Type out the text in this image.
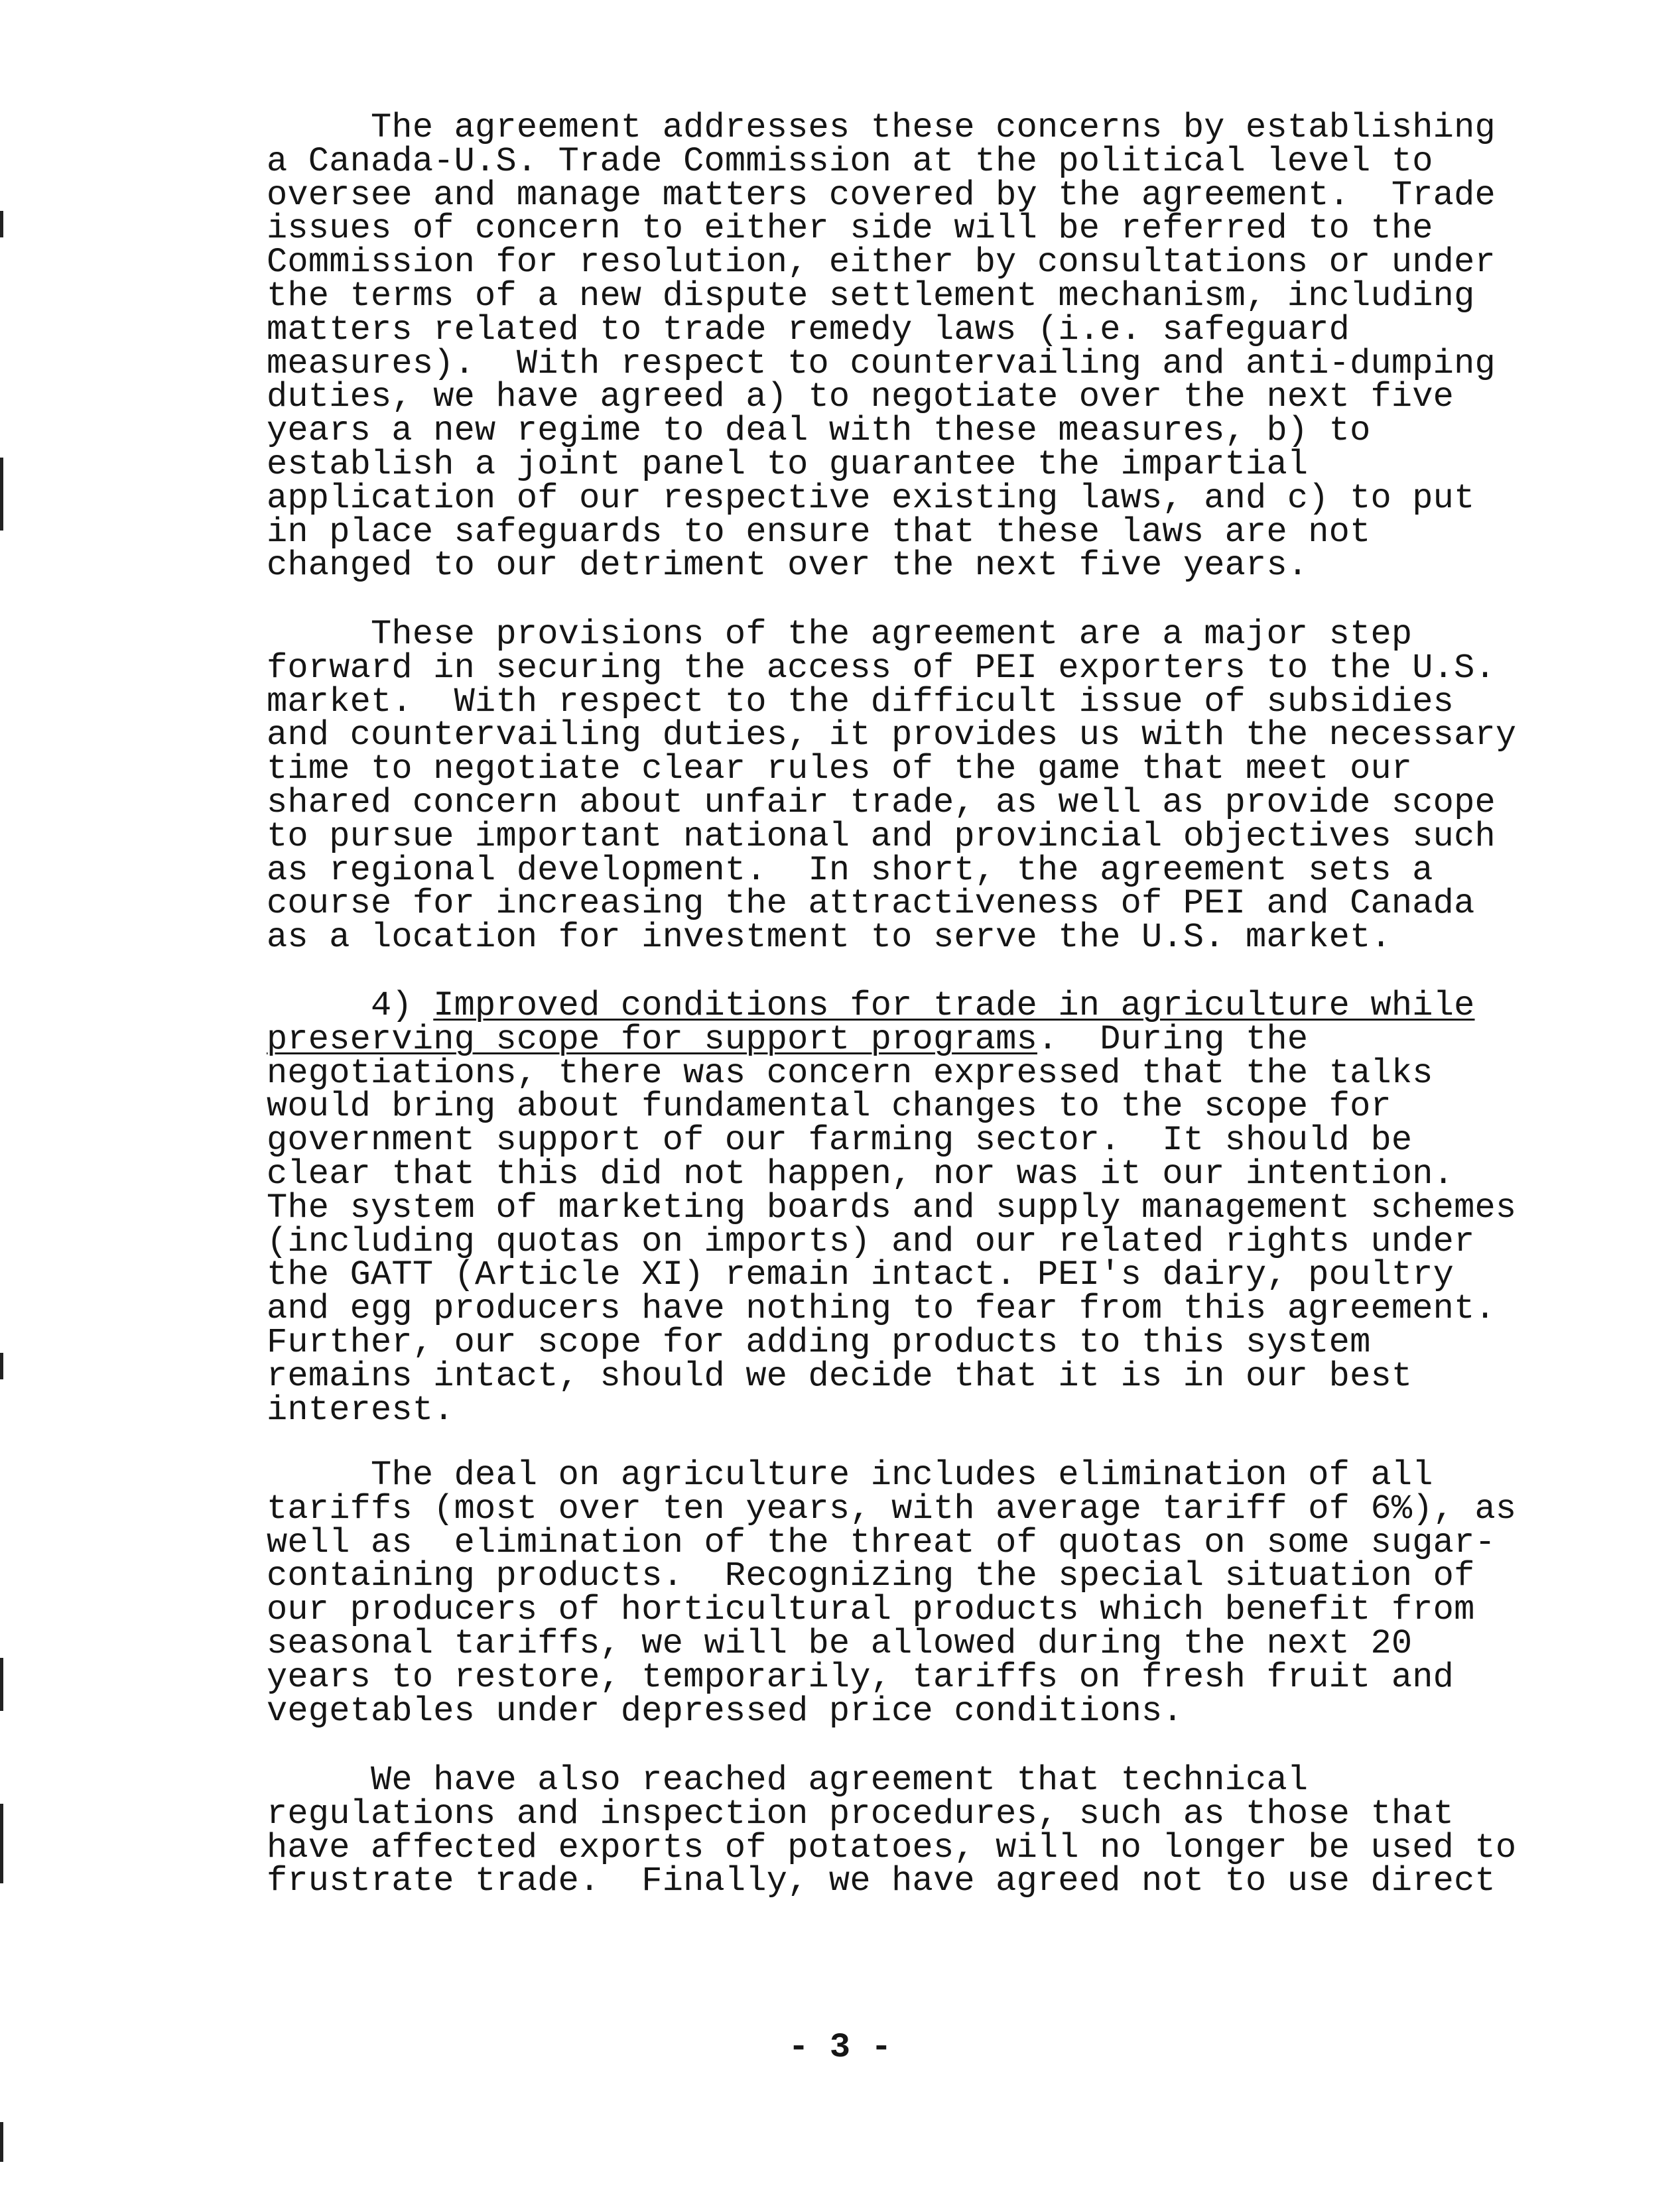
The agreement addresses these concerns by establishing
a Canada-U.S. Trade Commission at the political level to
oversee and manage matters covered by the agreement.  Trade
issues of concern to either side will be referred to the
Commission for resolution, either by consultations or under
the terms of a new dispute settlement mechanism, including
matters related to trade remedy laws (i.e. safeguard
measures).  With respect to countervailing and anti-dumping
duties, we have agreed a) to negotiate over the next five
years a new regime to deal with these measures, b) to
establish a joint panel to guarantee the impartial
application of our respective existing laws, and c) to put
in place safeguards to ensure that these laws are not
changed to our detriment over the next five years.
These provisions of the agreement are a major step
forward in securing the access of PEI exporters to the U.S.
market.  With respect to the difficult issue of subsidies
and countervailing duties, it provides us with the necessary
time to negotiate clear rules of the game that meet our
shared concern about unfair trade, as well as provide scope
to pursue important national and provincial objectives such
as regional development.  In short, the agreement sets a
course for increasing the attractiveness of PEI and Canada
as a location for investment to serve the U.S. market.
4) Improved conditions for trade in agriculture while
preserving scope for support programs.  During the
negotiations, there was concern expressed that the talks
would bring about fundamental changes to the scope for
government support of our farming sector.  It should be
clear that this did not happen, nor was it our intention.
The system of marketing boards and supply management schemes
(including quotas on imports) and our related rights under
the GATT (Article XI) remain intact. PEI's dairy, poultry
and egg producers have nothing to fear from this agreement.
Further, our scope for adding products to this system
remains intact, should we decide that it is in our best
interest.
The deal on agriculture includes elimination of all
tariffs (most over ten years, with average tariff of 6%), as
well as  elimination of the threat of quotas on some sugar-
containing products.  Recognizing the special situation of
our producers of horticultural products which benefit from
seasonal tariffs, we will be allowed during the next 20
years to restore, temporarily, tariffs on fresh fruit and
vegetables under depressed price conditions.
We have also reached agreement that technical
regulations and inspection procedures, such as those that
have affected exports of potatoes, will no longer be used to
frustrate trade.  Finally, we have agreed not to use direct

- 3 -
